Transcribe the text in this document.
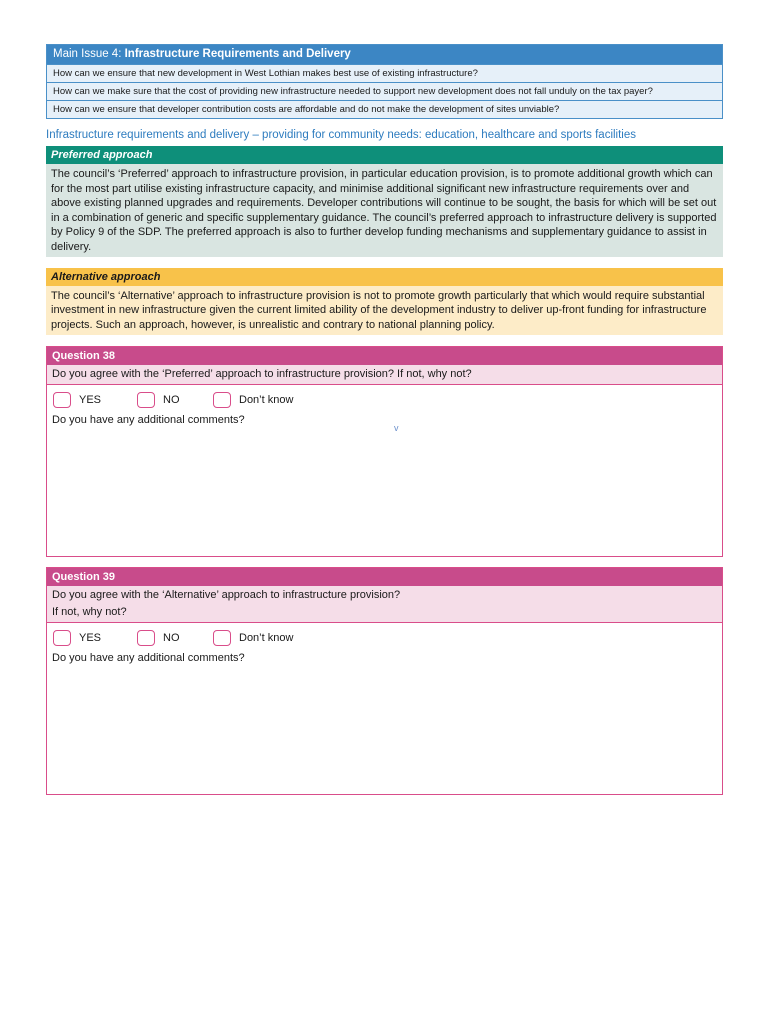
Main Issue 4: Infrastructure Requirements and Delivery
How can we ensure that new development in West Lothian makes best use of existing infrastructure?
How can we make sure that the cost of providing new infrastructure needed to support new development does not fall unduly on the tax payer?
How can we ensure that developer contribution costs are affordable and do not make the development of sites unviable?
Infrastructure requirements and delivery – providing for community needs: education, healthcare and sports facilities
Preferred approach
The council’s ‘Preferred’ approach to infrastructure provision, in particular education provision, is to promote additional growth which can for the most part utilise existing infrastructure capacity, and minimise additional significant new infrastructure requirements over and above existing planned upgrades and requirements. Developer contributions will continue to be sought, the basis for which will be set out in a combination of generic and specific supplementary guidance. The council’s preferred approach to infrastructure delivery is supported by Policy 9 of the SDP. The preferred approach is also to further develop funding mechanisms and supplementary guidance to assist in delivery.
Alternative approach
The council’s ‘Alternative’ approach to infrastructure provision is not to promote growth particularly that which would require substantial investment in new infrastructure given the current limited ability of the development industry to deliver up-front funding for infrastructure projects. Such an approach, however, is unrealistic and contrary to national planning policy.
Question 38
Do you agree with the ‘Preferred’ approach to infrastructure provision? If not, why not?
YES	NO	Don’t know
Do you have any additional comments?
v
Question 39
Do you agree with the ‘Alternative’ approach to infrastructure provision?
If not, why not?
YES	NO	Don’t know
Do you have any additional comments?
